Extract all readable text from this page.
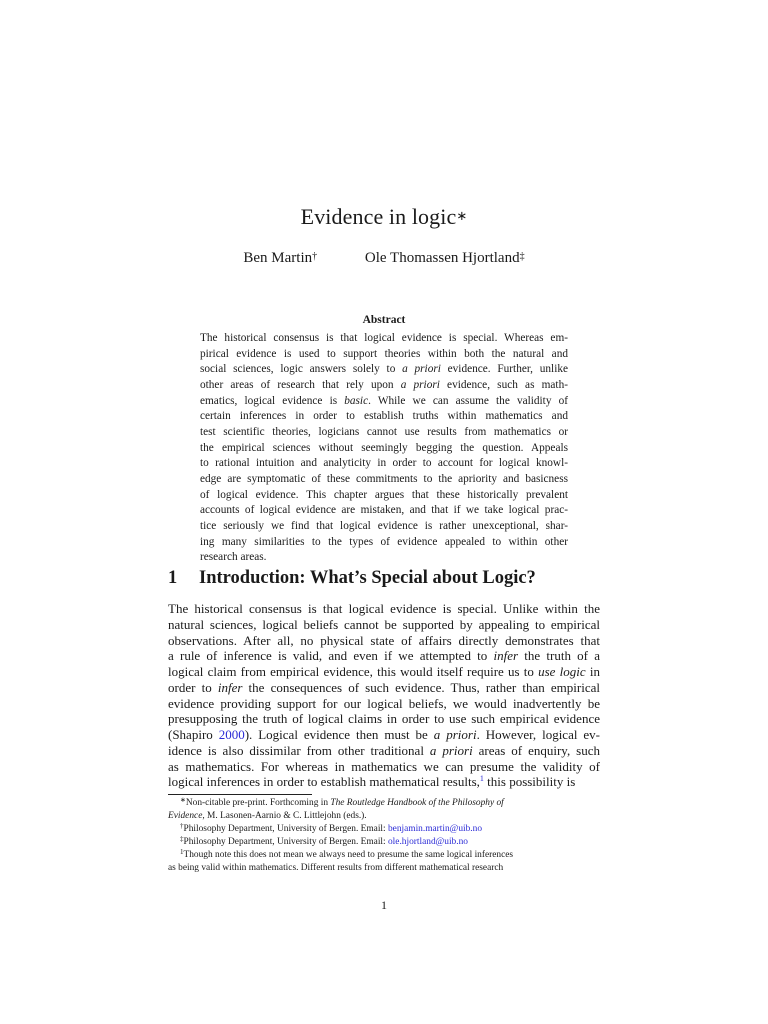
Evidence in logic∗
Ben Martin†	Ole Thomassen Hjortland‡
Abstract
The historical consensus is that logical evidence is special. Whereas em-
pirical evidence is used to support theories within both the natural and
social sciences, logic answers solely to a priori evidence. Further, unlike
other areas of research that rely upon a priori evidence, such as math-
ematics, logical evidence is basic. While we can assume the validity of
certain inferences in order to establish truths within mathematics and
test scientific theories, logicians cannot use results from mathematics or
the empirical sciences without seemingly begging the question. Appeals
to rational intuition and analyticity in order to account for logical knowl-
edge are symptomatic of these commitments to the apriority and basicness
of logical evidence. This chapter argues that these historically prevalent
accounts of logical evidence are mistaken, and that if we take logical prac-
tice seriously we find that logical evidence is rather unexceptional, shar-
ing many similarities to the types of evidence appealed to within other
research areas.
1 Introduction: What’s Special about Logic?
The historical consensus is that logical evidence is special. Unlike within the
natural sciences, logical beliefs cannot be supported by appealing to empirical
observations. After all, no physical state of affairs directly demonstrates that
a rule of inference is valid, and even if we attempted to infer the truth of a
logical claim from empirical evidence, this would itself require us to use logic in
order to infer the consequences of such evidence. Thus, rather than empirical
evidence providing support for our logical beliefs, we would inadvertently be
presupposing the truth of logical claims in order to use such empirical evidence
(Shapiro 2000). Logical evidence then must be a priori. However, logical ev-
idence is also dissimilar from other traditional a priori areas of enquiry, such
as mathematics. For whereas in mathematics we can presume the validity of
logical inferences in order to establish mathematical results,$^1$ this possibility is
∗Non-citable pre-print. Forthcoming in The Routledge Handbook of the Philosophy of
Evidence, M. Lasonen-Aarnio & C. Littlejohn (eds.).
†Philosophy Department, University of Bergen. Email: benjamin.martin@uib.no
‡Philosophy Department, University of Bergen. Email: ole.hjortland@uib.no
$^1$Though note this does not mean we always need to presume the same logical inferences
as being valid within mathematics. Different results from different mathematical research
1
